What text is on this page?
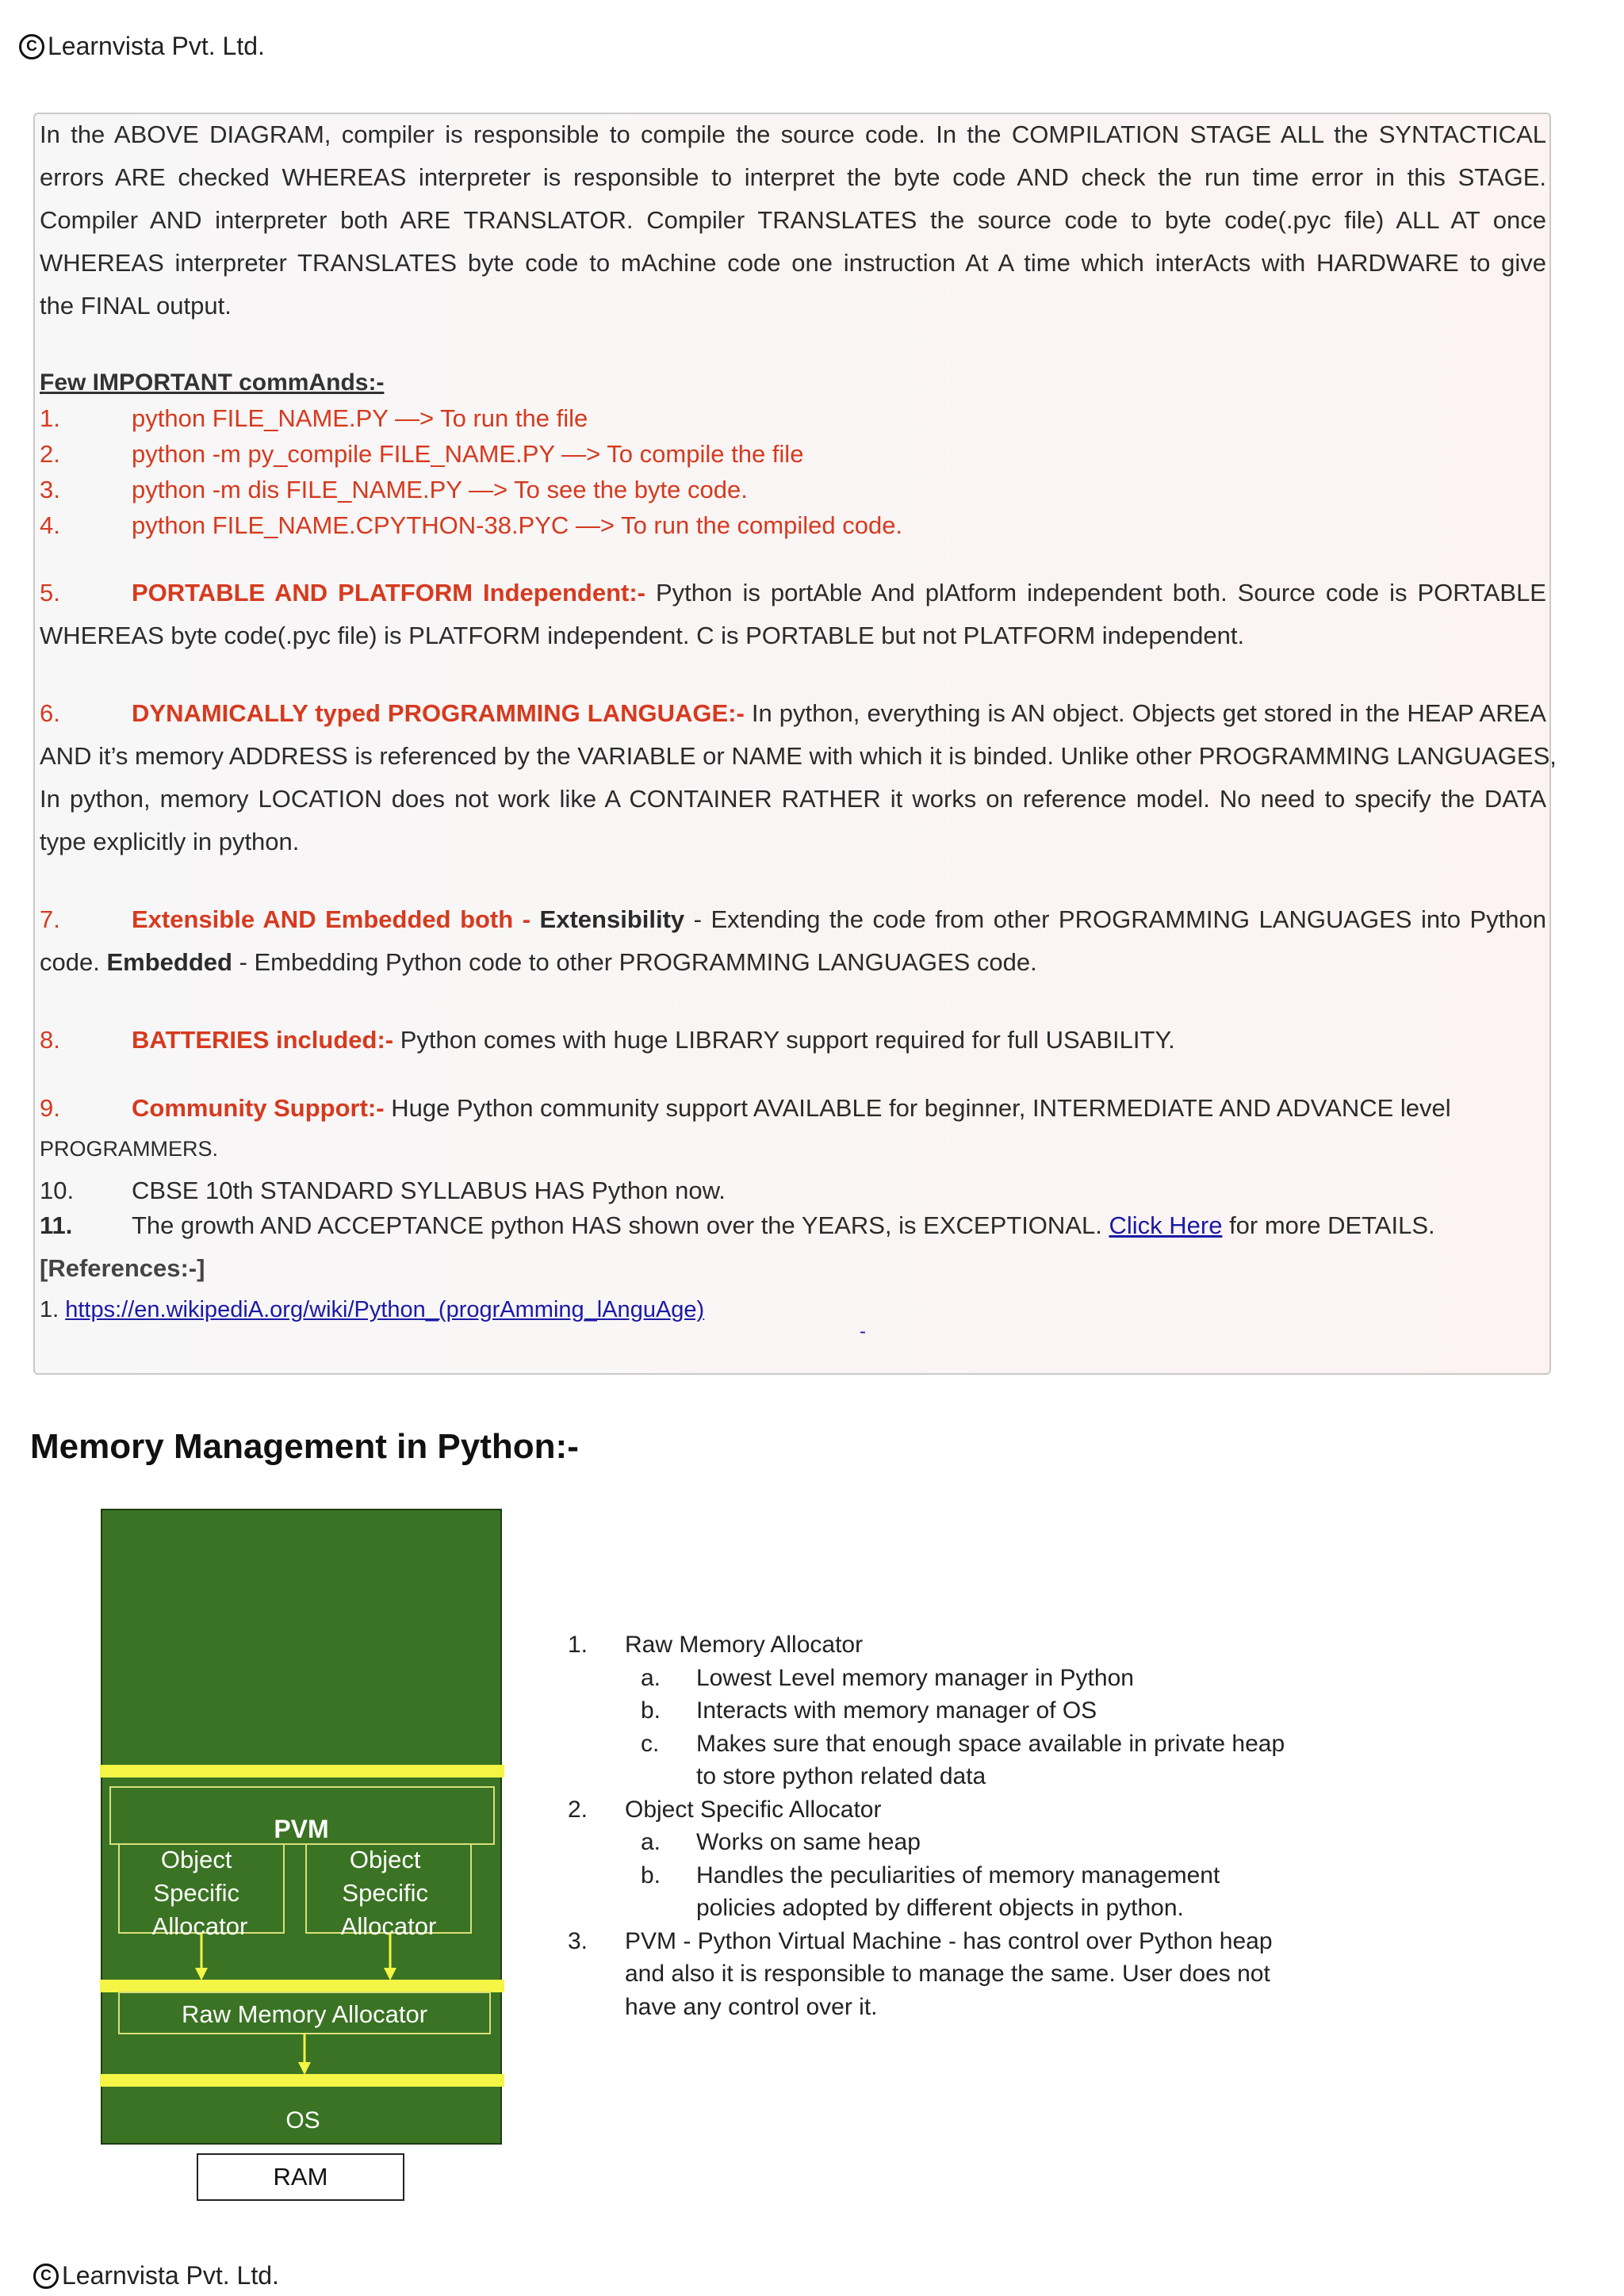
C Learnvista Pvt. Ltd.
In the ABOVE DIAGRAM, compiler is responsible to compile the source code. In the COMPILATION STAGE ALL the SYNTACTICAL
errors ARE checked WHEREAS interpreter is responsible to interpret the byte code AND check the run time error in this STAGE.
Compiler AND interpreter both ARE TRANSLATOR. Compiler TRANSLATES the source code to byte code(.pyc file) ALL AT once
WHEREAS interpreter TRANSLATES byte code to mAchine code one instruction At A time which interActs with HARDWARE to give
the FINAL output.
Few IMPORTANT commAnds:-
1.	python FILE_NAME.PY —> To run the file
2.	python -m py_compile FILE_NAME.PY —> To compile the file
3.	python -m dis FILE_NAME.PY —> To see the byte code.
4.	python FILE_NAME.CPYTHON-38.PYC —> To run the compiled code.
5.	PORTABLE AND PLATFORM Independent:- Python is portAble And plAtform independent both. Source code is PORTABLE
WHEREAS byte code(.pyc file) is PLATFORM independent. C is PORTABLE but not PLATFORM independent.
6.	DYNAMICALLY typed PROGRAMMING LANGUAGE:- In python, everything is AN object. Objects get stored in the HEAP AREA
AND it’s memory ADDRESS is referenced by the VARIABLE or NAME with which it is binded. Unlike other PROGRAMMING LANGUAGES,
In python, memory LOCATION does not work like A CONTAINER RATHER it works on reference model. No need to specify the DATA
type explicitly in python.
7.	Extensible AND Embedded both - Extensibility - Extending the code from other PROGRAMMING LANGUAGES into Python
code. Embedded - Embedding Python code to other PROGRAMMING LANGUAGES code.
8.	BATTERIES included:- Python comes with huge LIBRARY support required for full USABILITY.
9.	Community Support:- Huge Python community support AVAILABLE for beginner, INTERMEDIATE AND ADVANCE level
PROGRAMMERS.
10. CBSE 10th STANDARD SYLLABUS HAS Python now.
11. The growth AND ACCEPTANCE python HAS shown over the YEARS, is EXCEPTIONAL. Click Here for more DETAILS.
[References:-]
1. https://en.wikipediA.org/wiki/Python_(progrAmming_lAnguAge)
-
Memory Management in Python:-
PVM
Object Specific Allocator
Object Specific Allocator
Raw Memory Allocator
OS
RAM
1. Raw Memory Allocator
a. Lowest Level memory manager in Python
b. Interacts with memory manager of OS
c. Makes sure that enough space available in private heap
to store python related data
2. Object Specific Allocator
a. Works on same heap
b. Handles the peculiarities of memory management
policies adopted by different objects in python.
3. PVM - Python Virtual Machine - has control over Python heap
and also it is responsible to manage the same. User does not
have any control over it.
C Learnvista Pvt. Ltd.
